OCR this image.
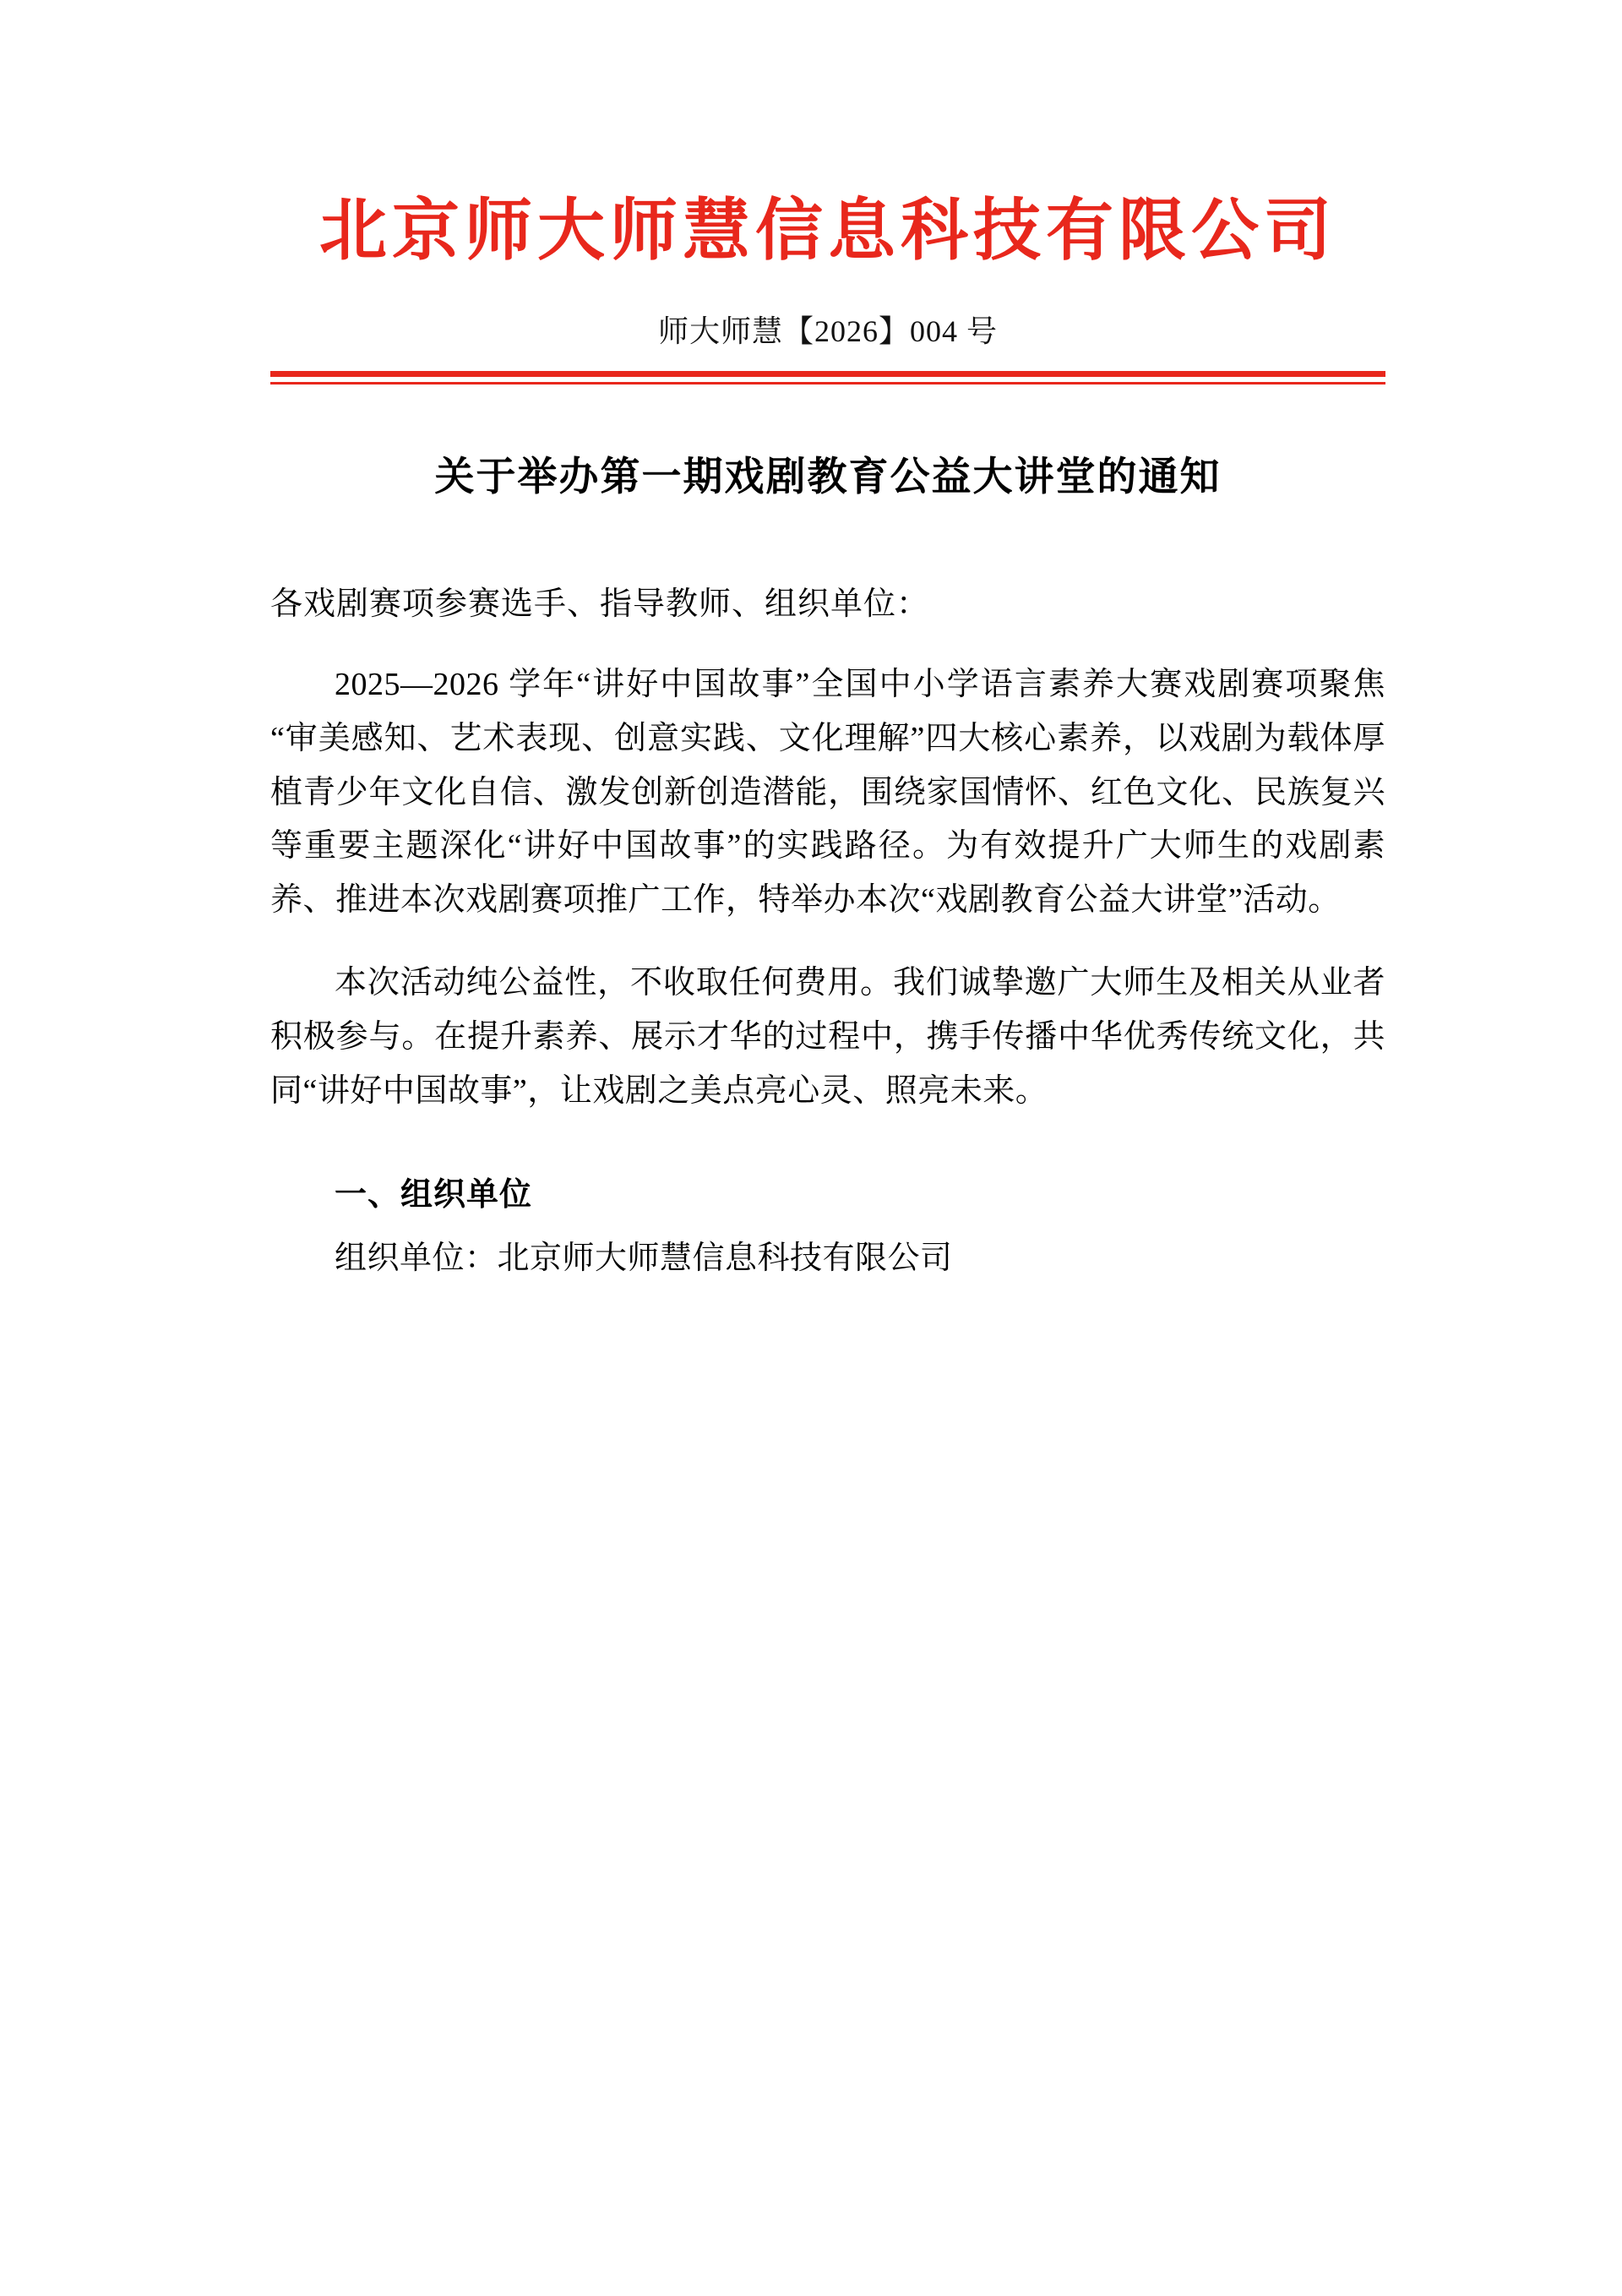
北京师大师慧信息科技有限公司
师大师慧【2026】004 号
关于举办第一期戏剧教育公益大讲堂的通知
各戏剧赛项参赛选手、指导教师、组织单位：

2025—2026 学年“讲好中国故事”全国中小学语言素养大赛戏剧赛项聚焦“审美感知、艺术表现、创意实践、文化理解”四大核心素养，以戏剧为载体厚植青少年文化自信、激发创新创造潜能，围绕家国情怀、红色文化、民族复兴等重要主题深化“讲好中国故事”的实践路径。为有效提升广大师生的戏剧素养、推进本次戏剧赛项推广工作，特举办本次“戏剧教育公益大讲堂”活动。

本次活动纯公益性，不收取任何费用。我们诚挚邀广大师生及相关从业者积极参与。在提升素养、展示才华的过程中，携手传播中华优秀传统文化，共同“讲好中国故事”，让戏剧之美点亮心灵、照亮未来。

一、组织单位
组织单位：北京师大师慧信息科技有限公司
